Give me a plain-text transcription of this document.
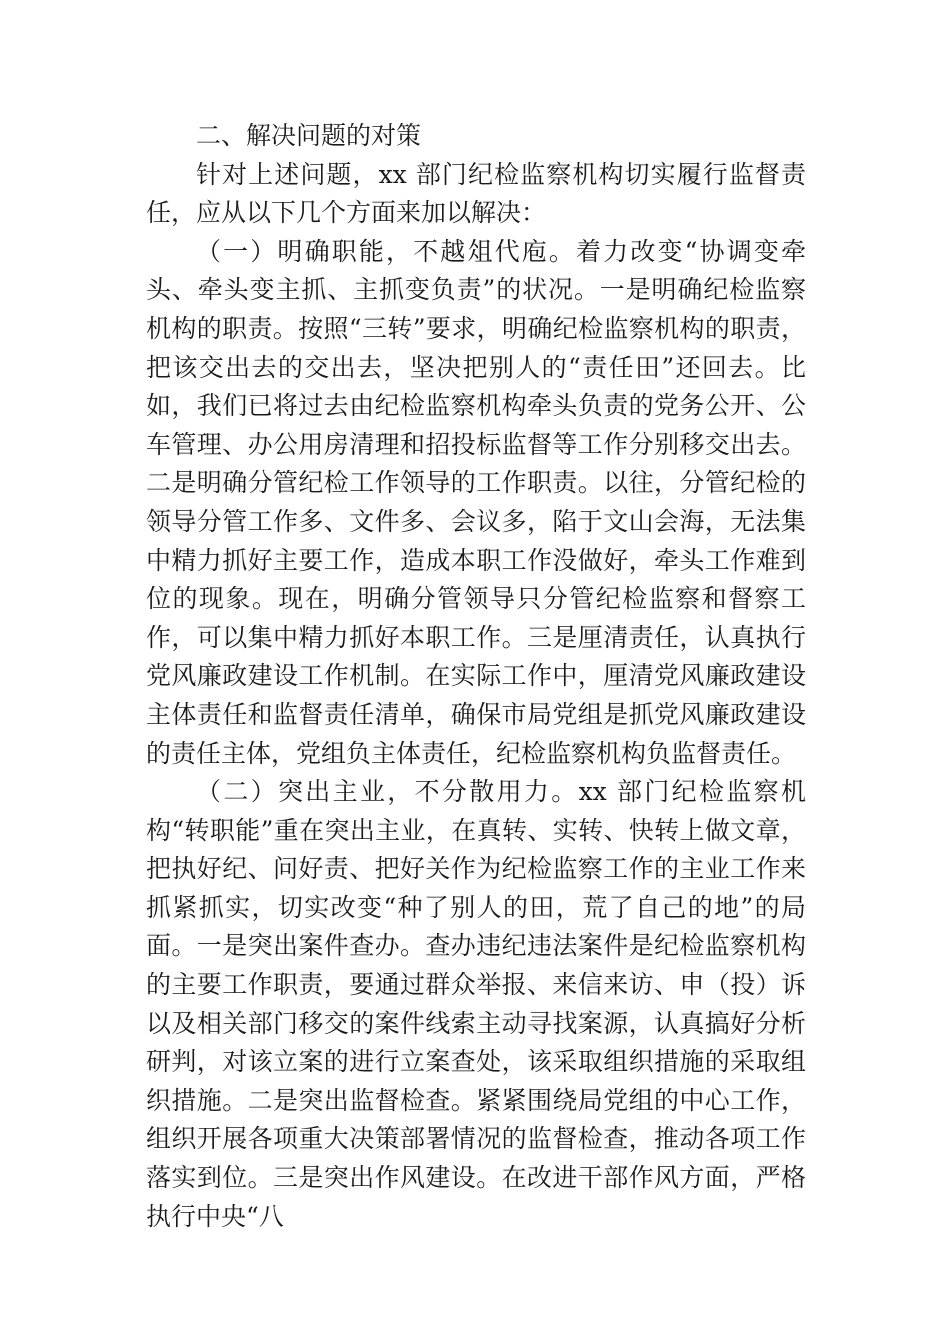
二、解决问题的对策

针对上述问题，xx 部门纪检监察机构切实履行监督责任，应从以下几个方面来加以解决：

（一）明确职能，不越俎代庖。着力改变“协调变牵头、牵头变主抓、主抓变负责”的状况。一是明确纪检监察机构的职责。按照“三转”要求，明确纪检监察机构的职责，把该交出去的交出去，坚决把别人的“责任田”还回去。比如，我们已将过去由纪检监察机构牵头负责的党务公开、公车管理、办公用房清理和招投标监督等工作分别移交出去。二是明确分管纪检工作领导的工作职责。以往，分管纪检的领导分管工作多、文件多、会议多，陷于文山会海，无法集中精力抓好主要工作，造成本职工作没做好，牵头工作难到位的现象。现在，明确分管领导只分管纪检监察和督察工作，可以集中精力抓好本职工作。三是厘清责任，认真执行党风廉政建设工作机制。在实际工作中，厘清党风廉政建设主体责任和监督责任清单，确保市局党组是抓党风廉政建设的责任主体，党组负主体责任，纪检监察机构负监督责任。

（二）突出主业，不分散用力。xx 部门纪检监察机构“转职能”重在突出主业，在真转、实转、快转上做文章，把执好纪、问好责、把好关作为纪检监察工作的主业工作来抓紧抓实，切实改变“种了别人的田，荒了自己的地”的局面。一是突出案件查办。查办违纪违法案件是纪检监察机构的主要工作职责，要通过群众举报、来信来访、申（投）诉以及相关部门移交的案件线索主动寻找案源，认真搞好分析研判，对该立案的进行立案查处，该采取组织措施的采取组织措施。二是突出监督检查。紧紧围绕局党组的中心工作，组织开展各项重大决策部署情况的监督检查，推动各项工作落实到位。三是突出作风建设。在改进干部作风方面，严格执行中央“八
